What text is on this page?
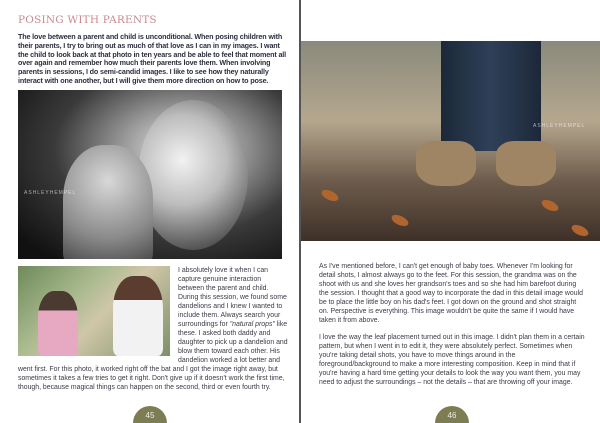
POSING WITH PARENTS
The love between a parent and child is unconditional. When posing children with their parents, I try to bring out as much of that love as I can in my images. I want the child to look back at that photo in ten years and be able to feel that moment all over again and remember how much their parents love them. When involving parents in sessions, I do semi-candid images. I like to see how they naturally interact with one another, but I will give them more direction on how to pose.
ASHLEYHEMPEL
I absolutely love it when I can capture genuine interaction between the parent and child. During this session, we found some dandelions and I knew I wanted to include them. Always search your surroundings for "natural props" like these. I asked both daddy and daughter to pick up a dandelion and blow them toward each other. His dandelion worked a lot better and went first. For this photo, it worked right off the bat and I got the image right away, but sometimes it takes a few tries to get it right. Don't give up if it doesn't work the first time, though, because magical things can happen on the second, third or even fourth try.
45
ASHLEYHEMPEL
As I've mentioned before, I can't get enough of baby toes. Whenever I'm looking for detail shots, I almost always go to the feet. For this session, the grandma was on the shoot with us and she loves her grandson's toes and so she had him barefoot during the session. I thought that a good way to incorporate the dad in this detail image would be to place the little boy on his dad's feet. I got down on the ground and shot straight on. Perspective is everything. This image wouldn't be quite the same if I would have taken it from above.
I love the way the leaf placement turned out in this image. I didn't plan them in a certain pattern, but when I went in to edit it, they were absolutely perfect. Sometimes when you're taking detail shots, you have to move things around in the foreground/background to make a more interesting composition. Keep in mind that if you're having a hard time getting your details to look the way you want them, you may need to adjust the surroundings – not the details – that are throwing off your image.
46
